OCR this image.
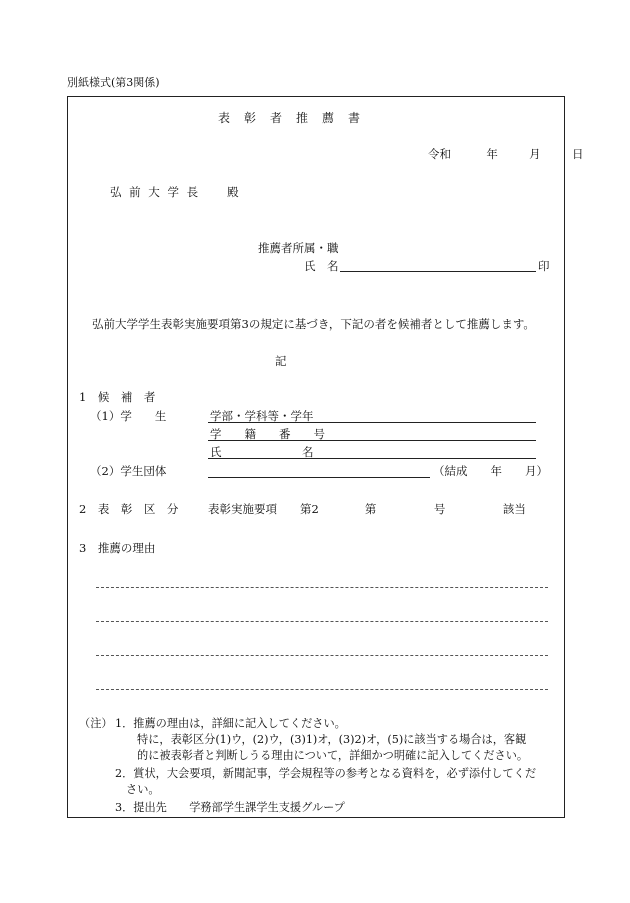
別紙様式(第3関係)
表　彰　者　推　薦　書
令和	年	月	日
弘 前 大 学 長　　殿
推薦者所属・職
氏　名	印
弘前大学学生表彰実施要項第3の規定に基づき，下記の者を候補者として推薦します。
記
1　候　補　者
（1）学　　生	学部・学科等・学年
学　　籍　　番　　号
氏　　　　　　　名
（2）学生団体	（結成　　年　　月）
2　表　彰　区　分	表彰実施要項　　第2　　　　第　　　　　号　　　　　該当
3　推薦の理由
（注） 1．推薦の理由は，詳細に記入してください。
特に，表彰区分(1)ウ，(2)ウ，(3)1)オ，(3)2)オ，(5)に該当する場合は，客観
的に被表彰者と判断しうる理由について，詳細かつ明確に記入してください。
2．賞状，大会要項，新聞記事，学会規程等の参考となる資料を，必ず添付してくだ
さい。
3．提出先　　学務部学生課学生支援グループ
